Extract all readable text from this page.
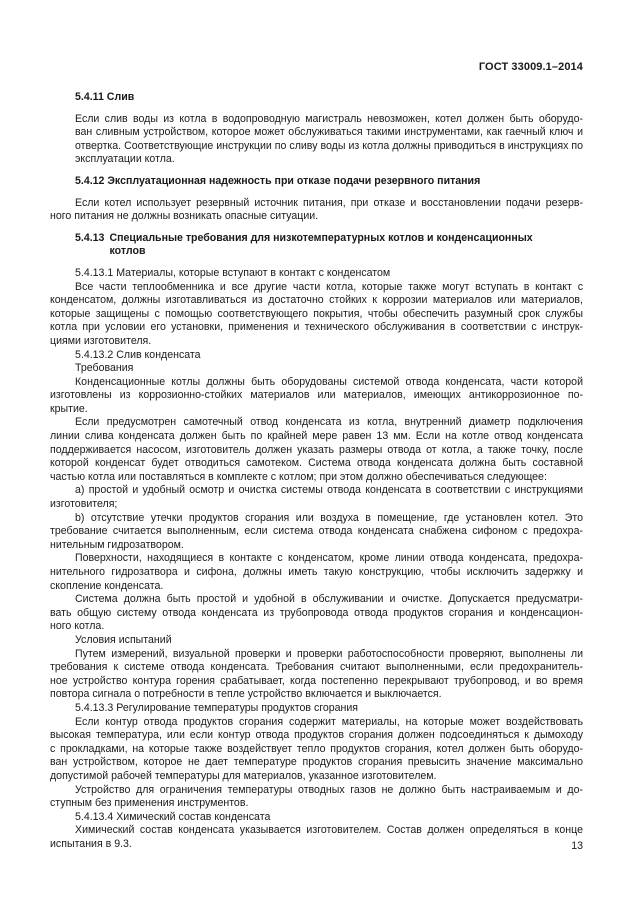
ГОСТ 33009.1–2014
5.4.11 Слив

Если слив воды из котла в водопроводную магистраль невозможен, котел должен быть оборудо-
ван сливным устройством, которое может обслуживаться такими инструментами, как гаечный ключ и
отвертка. Соответствующие инструкции по сливу воды из котла должны приводиться в инструкциях по
эксплуатации котла.

5.4.12 Эксплуатационная надежность при отказе подачи резервного питания

Если котел использует резервный источник питания, при отказе и восстановлении подачи резерв-
ного питания не должны возникать опасные ситуации.

5.4.13 Специальные требования для низкотемпературных котлов и конденсационных
котлов

5.4.13.1 Материалы, которые вступают в контакт с конденсатом

Все части теплообменника и все другие части котла, которые также могут вступать в контакт с
конденсатом, должны изготавливаться из достаточно стойких к коррозии материалов или материалов,
которые защищены с помощью соответствующего покрытия, чтобы обеспечить разумный срок службы
котла при условии его установки, применения и технического обслуживания в соответствии с инструк-
циями изготовителя.

5.4.13.2 Слив конденсата

Требования

Конденсационные котлы должны быть оборудованы системой отвода конденсата, части которой
изготовлены из коррозионно-стойких материалов или материалов, имеющих антикоррозионное по-
крытие.

Если предусмотрен самотечный отвод конденсата из котла, внутренний диаметр подключения
линии слива конденсата должен быть по крайней мере равен 13 мм. Если на котле отвод конденсата
поддерживается насосом, изготовитель должен указать размеры отвода от котла, а также точку, после
которой конденсат будет отводиться самотеком. Система отвода конденсата должна быть составной
частью котла или поставляться в комплекте с котлом; при этом должно обеспечиваться следующее:

а) простой и удобный осмотр и очистка системы отвода конденсата в соответствии с инструкциями
изготовителя;

b) отсутствие утечки продуктов сгорания или воздуха в помещение, где установлен котел. Это
требование считается выполненным, если система отвода конденсата снабжена сифоном с предохра-
нительным гидрозатвором.

Поверхности, находящиеся в контакте с конденсатом, кроме линии отвода конденсата, предохра-
нительного гидрозатвора и сифона, должны иметь такую конструкцию, чтобы исключить задержку и
скопление конденсата.

Система должна быть простой и удобной в обслуживании и очистке. Допускается предусматри-
вать общую систему отвода конденсата из трубопровода отвода продуктов сгорания и конденсацион-
ного котла.

Условия испытаний

Путем измерений, визуальной проверки и проверки работоспособности проверяют, выполнены ли
требования к системе отвода конденсата. Требования считают выполненными, если предохранитель-
ное устройство контура горения срабатывает, когда постепенно перекрывают трубопровод, и во время
повтора сигнала о потребности в тепле устройство включается и выключается.

5.4.13.3 Регулирование температуры продуктов сгорания

Если контур отвода продуктов сгорания содержит материалы, на которые может воздействовать
высокая температура, или если контур отвода продуктов сгорания должен подсоединяться к дымоходу
с прокладками, на которые также воздействует тепло продуктов сгорания, котел должен быть оборудо-
ван устройством, которое не дает температуре продуктов сгорания превысить значение максимально
допустимой рабочей температуры для материалов, указанное изготовителем.

Устройство для ограничения температуры отводных газов не должно быть настраиваемым и до-
ступным без применения инструментов.

5.4.13.4 Химический состав конденсата

Химический состав конденсата указывается изготовителем. Состав должен определяться в конце
испытания в 9.3.	13
